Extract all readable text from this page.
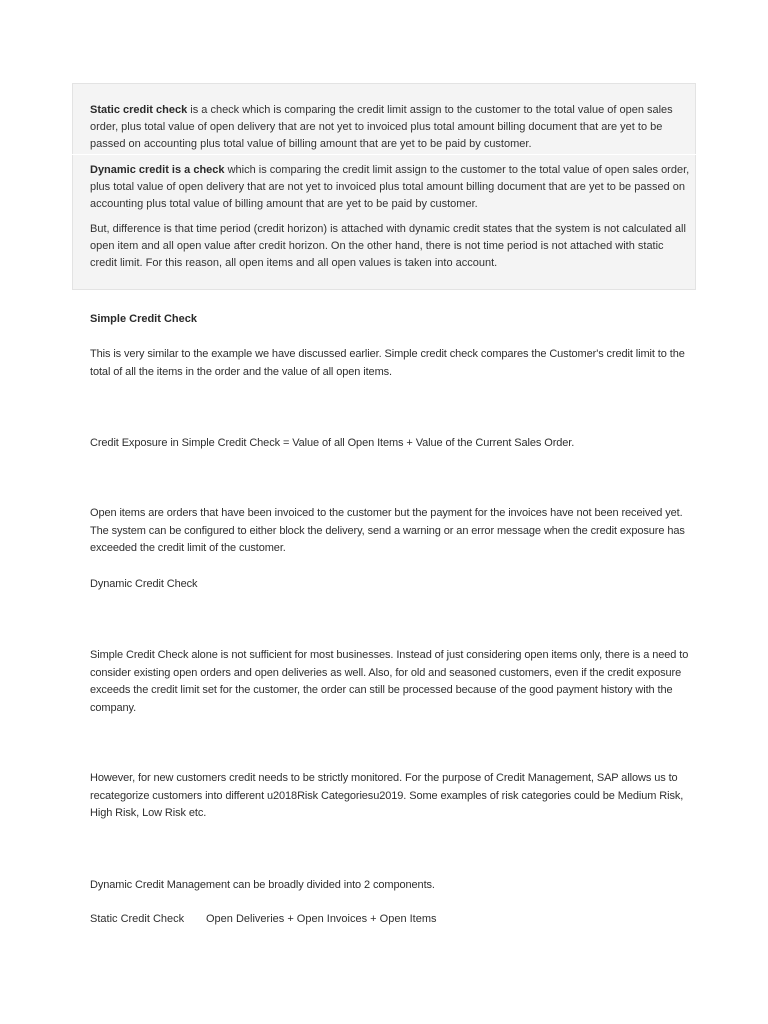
Static credit check is a check which is comparing the credit limit assign to the customer to the total value of open sales order, plus total value of open delivery that are not yet to invoiced plus total amount billing document that are yet to be passed on accounting plus total value of billing amount that are yet to be paid by customer.

Dynamic credit is a check which is comparing the credit limit assign to the customer to the total value of open sales order, plus total value of open delivery that are not yet to invoiced plus total amount billing document that are yet to be passed on accounting plus total value of billing amount that are yet to be paid by customer.

But, difference is that time period (credit horizon) is attached with dynamic credit states that the system is not calculated all open item and all open value after credit horizon. On the other hand, there is not time period is not attached with static credit limit. For this reason, all open items and all open values is taken into account.

Simple Credit Check

This is very similar to the example we have discussed earlier. Simple credit check compares the Customer's credit limit to the total of all the items in the order and the value of all open items.

Credit Exposure in Simple Credit Check = Value of all Open Items + Value of the Current Sales Order.

Open items are orders that have been invoiced to the customer but the payment for the invoices have not been received yet. The system can be configured to either block the delivery, send a warning or an error message when the credit exposure has exceeded the credit limit of the customer.

Dynamic Credit Check

Simple Credit Check alone is not sufficient for most businesses. Instead of just considering open items only, there is a need to consider existing open orders and open deliveries as well. Also, for old and seasoned customers, even if the credit exposure exceeds the credit limit set for the customer, the order can still be processed because of the good payment history with the company.

However, for new customers credit needs to be strictly monitored. For the purpose of Credit Management, SAP allows us to recategorize customers into different u2018Risk Categoriesu2019. Some examples of risk categories could be Medium Risk, High Risk, Low Risk etc.

Dynamic Credit Management can be broadly divided into 2 components.

Static Credit Check Open Deliveries + Open Invoices + Open Items
